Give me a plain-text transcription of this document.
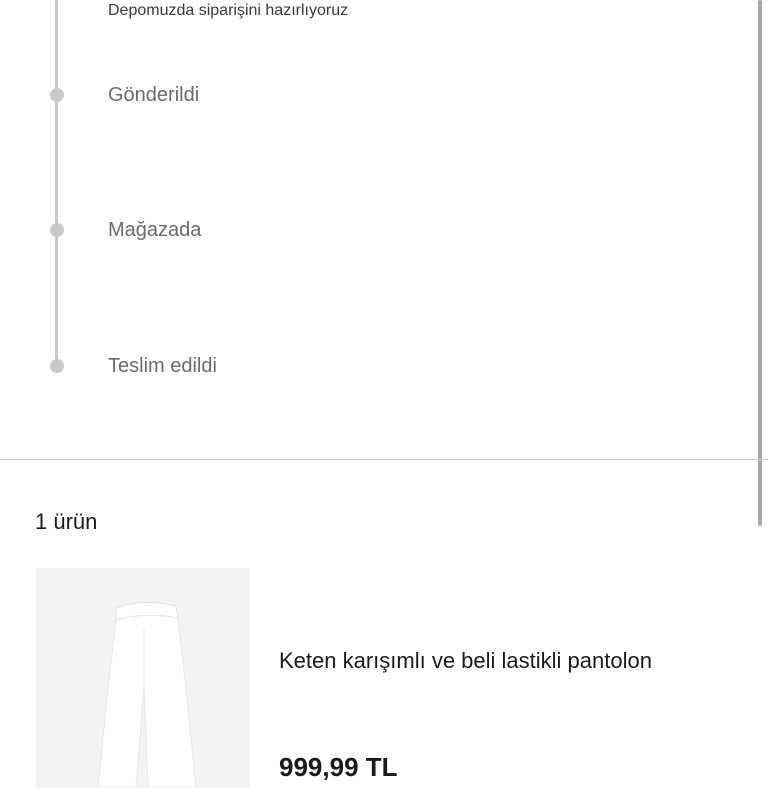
Depomuzda siparişini hazırlıyoruz
Gönderildi
Mağazada
Teslim edildi
1 ürün
Keten karışımlı ve beli lastikli pantolon
999,99 TL
